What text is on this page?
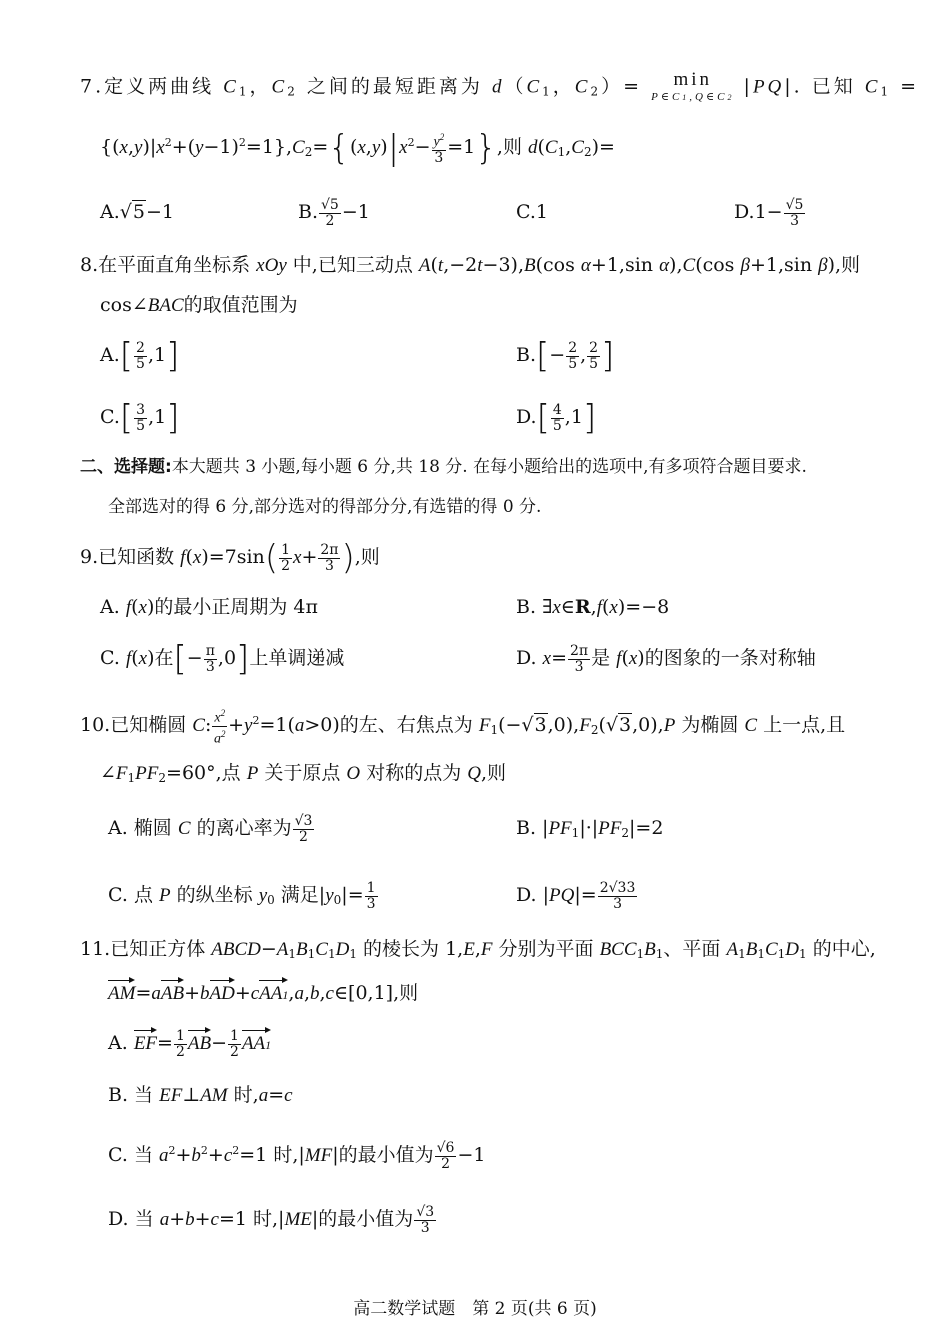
7.定义两曲线 $C_1$，$C_2$ 之间的最短距离为 $d(C_1$，$C_2)= \min$
P∈C1,Q∈C2 |PQ|. 已知 $C_1$ =
$\{(x,y)|x^2+(y-1)^2=1\},C_2=\{(x,y)|x^2- \frac{y^2}{3} =1\}$,则 $d(C_1,C_2)=$
A.√5−1	B. $\frac{√5}{2} -1$	C.1	$D.1- \frac{√5}{3}$
8.在平面直角坐标系 xOy 中,已知三动点 A(t,−2t−3),B(cos α+1,sin α),C(cos β+1,sin β),则
cos∠BAC的取值范围为
$A.[ \frac{2}{5} ,1]$	$B.[- \frac{2}{5}$ , $\frac{2}{5}$ ]
$C.[ \frac{3}{5} ,1]$	$D.[ \frac{4}{5} ,1]$
二、选择题:本大题共 3 小题,每小题 6 分,共 18 分. 在每小题给出的选项中,有多项符合题目要求.
全部选对的得 6 分,部分选对的得部分分,有选错的得 0 分.
9.已知函数 $f(x)=7\sin( \frac{1}{2} x+ \frac{2\pi}{3}$ ),则
A. f(x)的最小正周期为 4π	B. ∃x∈R,f(x)=−8
C. f(x)在[− $\frac{\pi}{3} ,0$]上单调递减	D. $x= \frac{2\pi}{3}$ 是 f(x)的图象的一条对称轴
10.已知椭圆 C: $\frac{x^2}{a^2} +y^2=1(a>0)$的左、右焦点为 $F_1(-√3,0),F_2(√3,0),P$ 为椭圆 C 上一点,且
$\angle F_1PF_2=60^\circ$,点 P 关于原点 O 对称的点为 Q,则
A. 椭圆 C 的离心率为 $\frac{√3}{2}$	B. $|PF_1|\cdot|PF_2|=2$
C. 点 P 的纵坐标 $y_0$ 满足$|y_0|= \frac{1}{3}$	D. $|PQ|= \frac{2√33}{3}$
11.已知正方体 $ABCD-A_1B_1C_1D_1$ 的棱长为 1,E,F 分别为平面 $BCC_1B_1$、平面 $A_1B_1C_1D_1$ 的中心,
AM=aAB+bAD+cAA1,a,b,c∈[0,1],则
A. $EF= \frac{1}{2} AB- \frac{1}{2} AA1$
B. 当 EF⊥AM 时,a=c
C. 当 $a^2+b^2+c^2=1$ 时,|MF|的最小值为 $\frac{√6}{2} -1$
D. 当 a+b+c=1 时,|ME|的最小值为 $\frac{√3}{3}$
高二数学试题　第 2 页(共 6 页)
